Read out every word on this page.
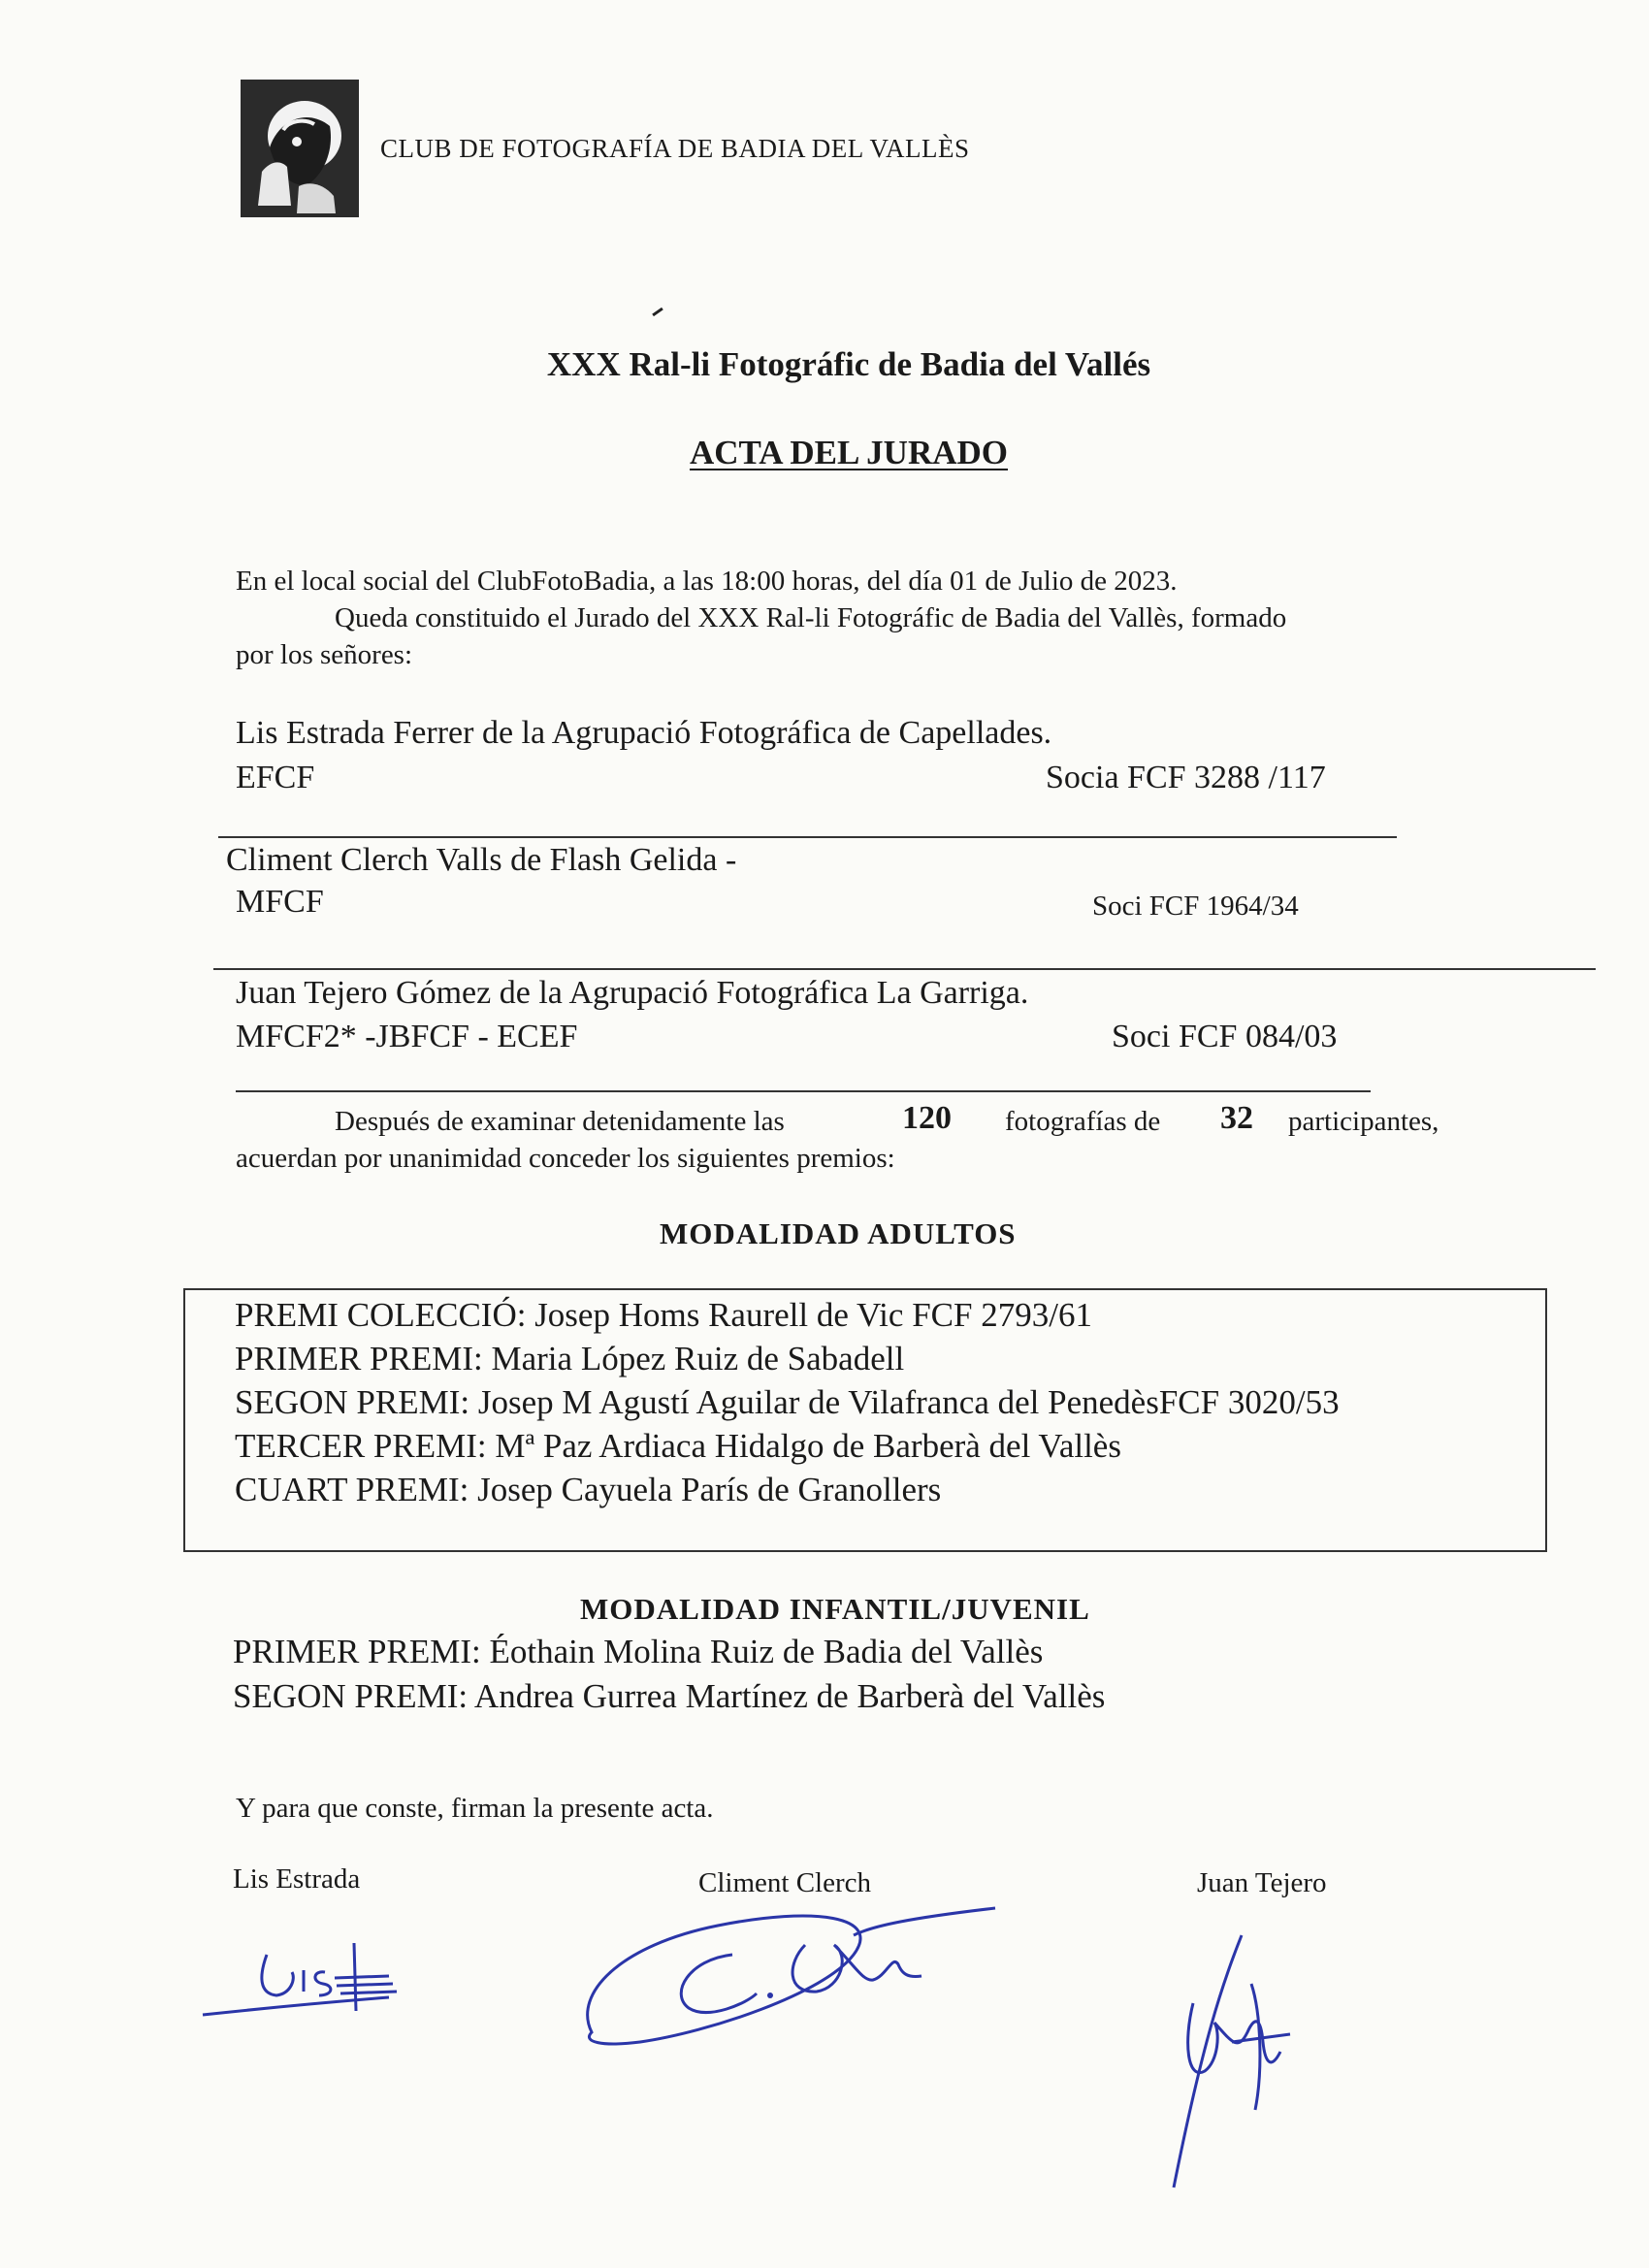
CLUB DE FOTOGRAFÍA DE BADIA DEL VALLÈS
XXX Ral-li Fotográfic de Badia del Vallés
ACTA DEL JURADO
En el local social del ClubFotoBadia, a las 18:00 horas, del día 01 de Julio de 2023.
Queda constituido el Jurado del XXX Ral-li Fotográfic de Badia del Vallès, formado
por los señores:
Lis Estrada Ferrer de la Agrupació Fotográfica de Capellades.
EFCF	Socia FCF 3288 /117
Climent Clerch Valls de Flash Gelida -
MFCF	Soci FCF 1964/34
Juan Tejero Gómez de la Agrupació Fotográfica La Garriga.
MFCF2* -JBFCF - ECEF	Soci FCF 084/03
Después de examinar detenidamente las	120 fotografías de 32 participantes,
acuerdan por unanimidad conceder los siguientes premios:
MODALIDAD ADULTOS
PREMI COLECCIÓ: Josep Homs Raurell de Vic FCF 2793/61
PRIMER PREMI: Maria López Ruiz de Sabadell
SEGON PREMI: Josep M Agustí Aguilar de Vilafranca del PenedèsFCF 3020/53
TERCER PREMI: Mª Paz Ardiaca Hidalgo de Barberà del Vallès
CUART PREMI: Josep Cayuela París de Granollers
MODALIDAD INFANTIL/JUVENIL
PRIMER PREMI: Éothain Molina Ruiz de Badia del Vallès
SEGON PREMI: Andrea Gurrea Martínez de Barberà del Vallès
Y para que conste, firman la presente acta.
Lis Estrada	Climent Clerch	Juan Tejero
